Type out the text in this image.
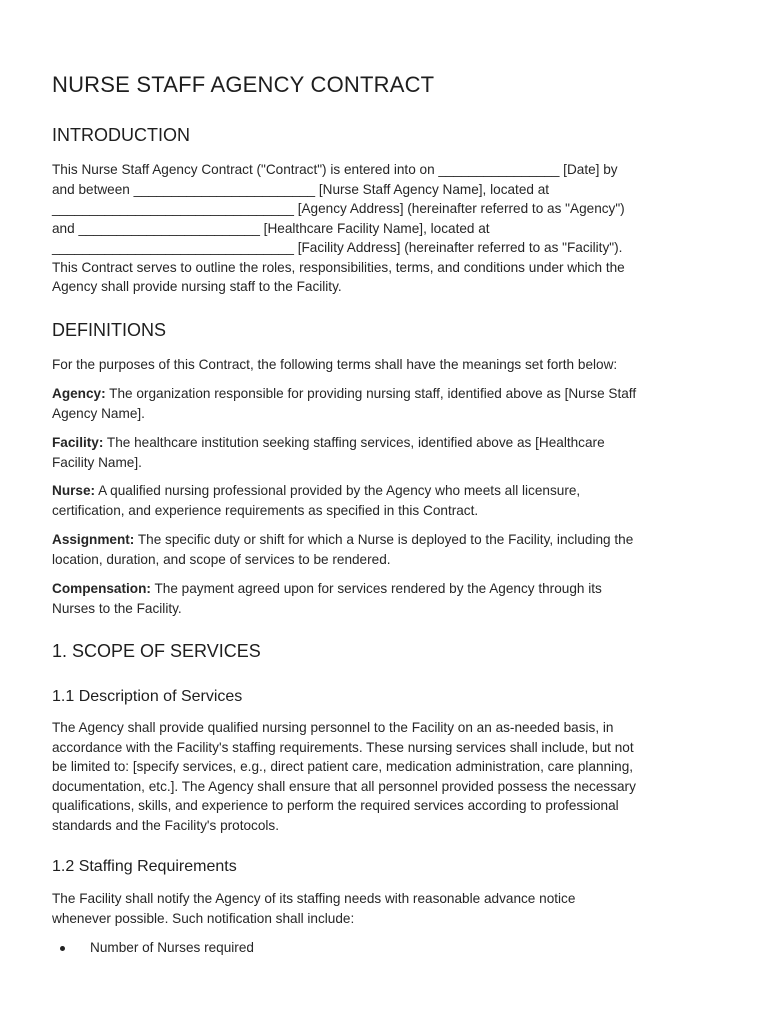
NURSE STAFF AGENCY CONTRACT
INTRODUCTION

This Nurse Staff Agency Contract ("Contract") is entered into on ________________ [Date] by
and between ________________________ [Nurse Staff Agency Name], located at
________________________________ [Agency Address] (hereinafter referred to as "Agency")
and ________________________ [Healthcare Facility Name], located at
________________________________ [Facility Address] (hereinafter referred to as "Facility").
This Contract serves to outline the roles, responsibilities, terms, and conditions under which the
Agency shall provide nursing staff to the Facility.

DEFINITIONS

For the purposes of this Contract, the following terms shall have the meanings set forth below:

Agency: The organization responsible for providing nursing staff, identified above as [Nurse Staff
Agency Name].

Facility: The healthcare institution seeking staffing services, identified above as [Healthcare
Facility Name].

Nurse: A qualified nursing professional provided by the Agency who meets all licensure,
certification, and experience requirements as specified in this Contract.

Assignment: The specific duty or shift for which a Nurse is deployed to the Facility, including the
location, duration, and scope of services to be rendered.

Compensation: The payment agreed upon for services rendered by the Agency through its
Nurses to the Facility.

1. SCOPE OF SERVICES
1.1 Description of Services

The Agency shall provide qualified nursing personnel to the Facility on an as-needed basis, in
accordance with the Facility's staffing requirements. These nursing services shall include, but not
be limited to: [specify services, e.g., direct patient care, medication administration, care planning,
documentation, etc.]. The Agency shall ensure that all personnel provided possess the necessary
qualifications, skills, and experience to perform the required services according to professional
standards and the Facility's protocols.

1.2 Staffing Requirements

The Facility shall notify the Agency of its staffing needs with reasonable advance notice
whenever possible. Such notification shall include:

Number of Nurses required
